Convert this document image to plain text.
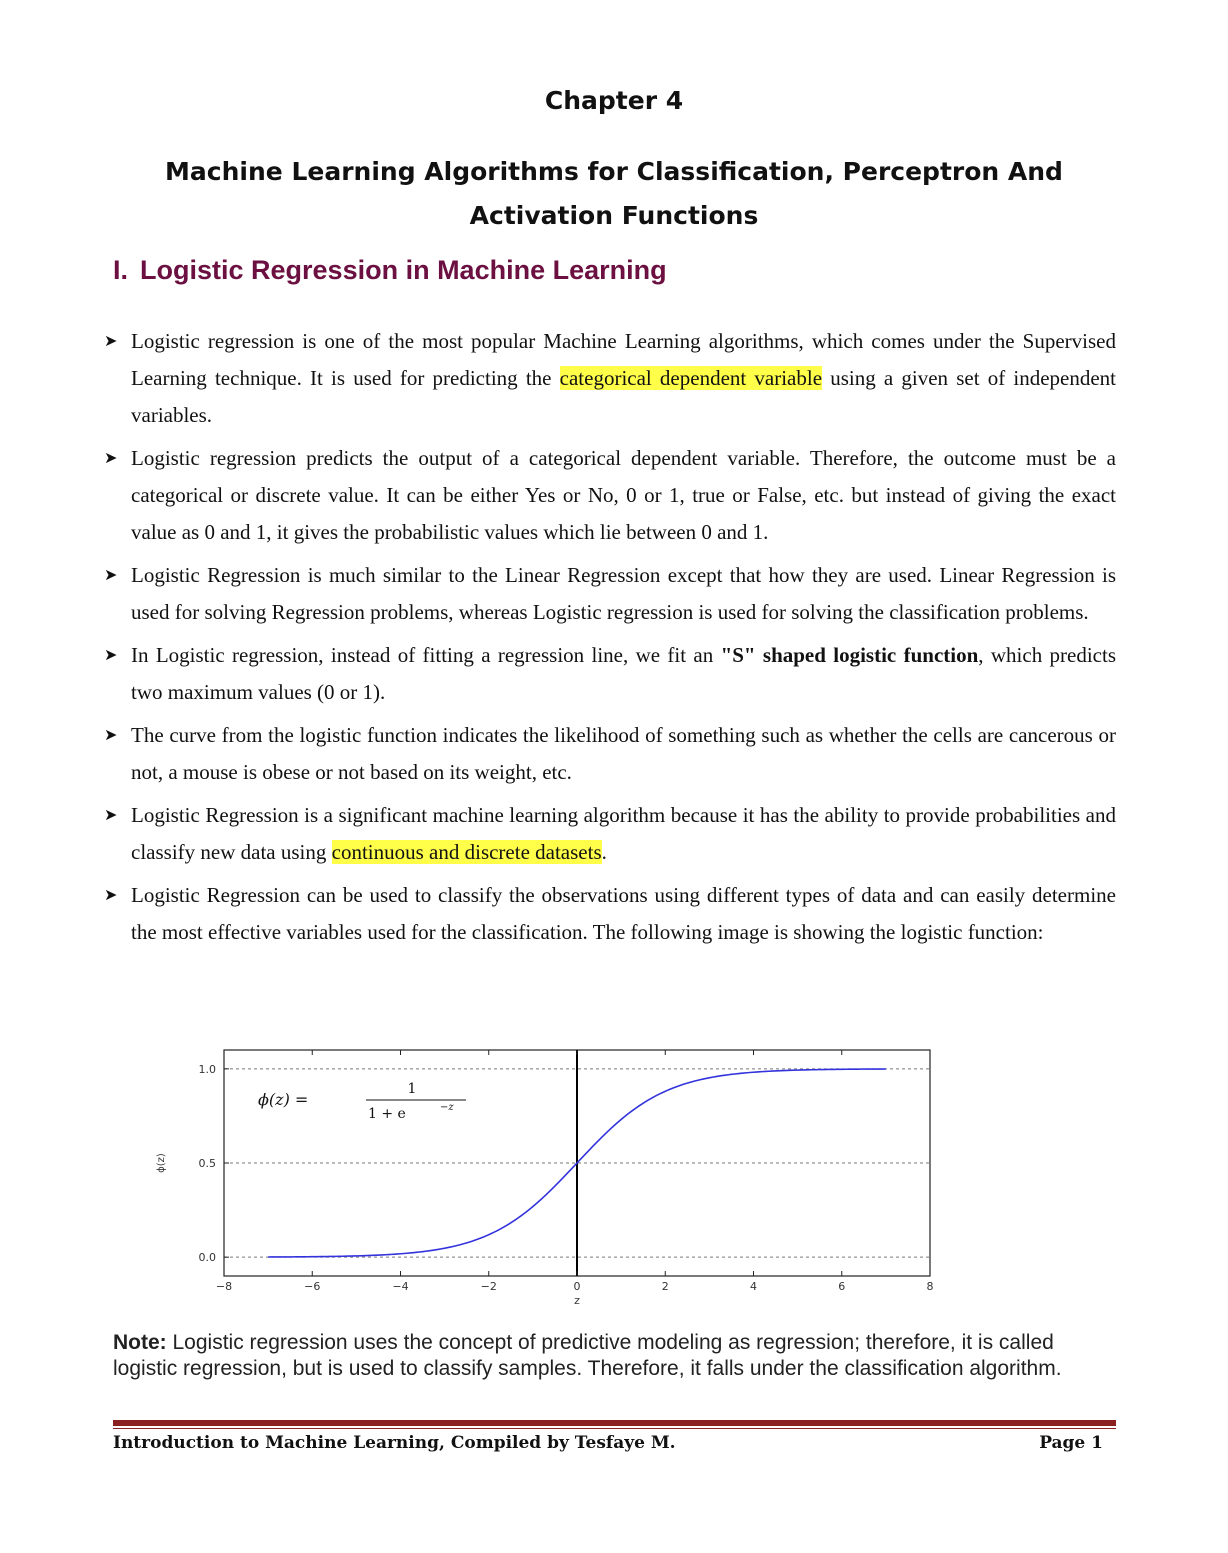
Chapter 4
Machine Learning Algorithms for Classification, Perceptron And Activation Functions
I. Logistic Regression in Machine Learning
➤ Logistic regression is one of the most popular Machine Learning algorithms, which comes under the Supervised Learning technique. It is used for predicting the categorical dependent variable using a given set of independent variables.
➤ Logistic regression predicts the output of a categorical dependent variable. Therefore, the outcome must be a categorical or discrete value. It can be either Yes or No, 0 or 1, true or False, etc. but instead of giving the exact value as 0 and 1, it gives the probabilistic values which lie between 0 and 1.
➤ Logistic Regression is much similar to the Linear Regression except that how they are used. Linear Regression is used for solving Regression problems, whereas Logistic regression is used for solving the classification problems.
➤ In Logistic regression, instead of fitting a regression line, we fit an "S" shaped logistic function, which predicts two maximum values (0 or 1).
➤ The curve from the logistic function indicates the likelihood of something such as whether the cells are cancerous or not, a mouse is obese or not based on its weight, etc.
➤ Logistic Regression is a significant machine learning algorithm because it has the ability to provide probabilities and classify new data using continuous and discrete datasets.
➤ Logistic Regression can be used to classify the observations using different types of data and can easily determine the most effective variables used for the classification. The following image is showing the logistic function:
0.0
0.5
1.0
−8	−6	−4	−2	0	2	4	6	8
z
ϕ(z)
ϕ(z) =
1
1 + e	−z
Note: Logistic regression uses the concept of predictive modeling as regression; therefore, it is called logistic regression, but is used to classify samples. Therefore, it falls under the classification algorithm.
Introduction to Machine Learning, Compiled by Tesfaye M.	Page 1
